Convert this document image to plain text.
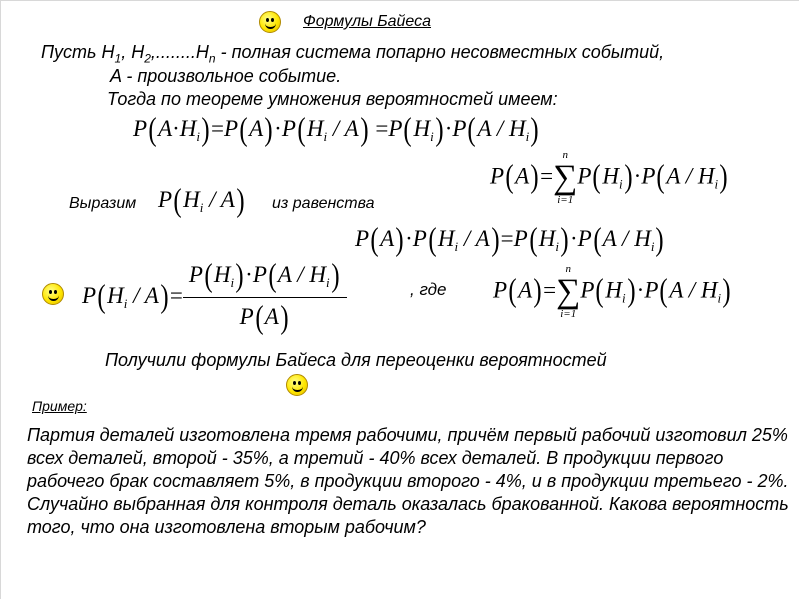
Формулы Байеса
Пусть $H_1$, $H_2,........H_n$ - полная система попарно несовместных событий,
A - произвольное событие.
Тогда по теореме умножения вероятностей имеем:
$P(A\cdot H_i)=P(A)\cdot P(H_i / A) =P(H_i)\cdot P(A / H_i)$
P(A)=
n
∑
i=1
$P(H_i)\cdot P(A / H_i)$
Выразим $P(H_i / A)$ из равенства
$P(A)\cdot P(H_i / A)=P(H_i)\cdot P(A / H_i)$
$P(H_i / A)= \frac{P(H_i)\cdot P(A / H_i)}{P(A)}$	, где P(A)=
n
∑
i=1
$P(H_i)\cdot P(A / H_i)$
Получили формулы Байеса для переоценки вероятностей
Пример:
Партия деталей изготовлена тремя рабочими, причём первый рабочий изготовил 25% всех деталей, второй - 35%, а третий - 40% всех деталей. В продукции первого рабочего брак составляет 5%, в продукции второго - 4%, и в продукции третьего - 2%. Случайно выбранная для контроля деталь оказалась бракованной. Какова вероятность того, что она изготовлена вторым рабочим?
